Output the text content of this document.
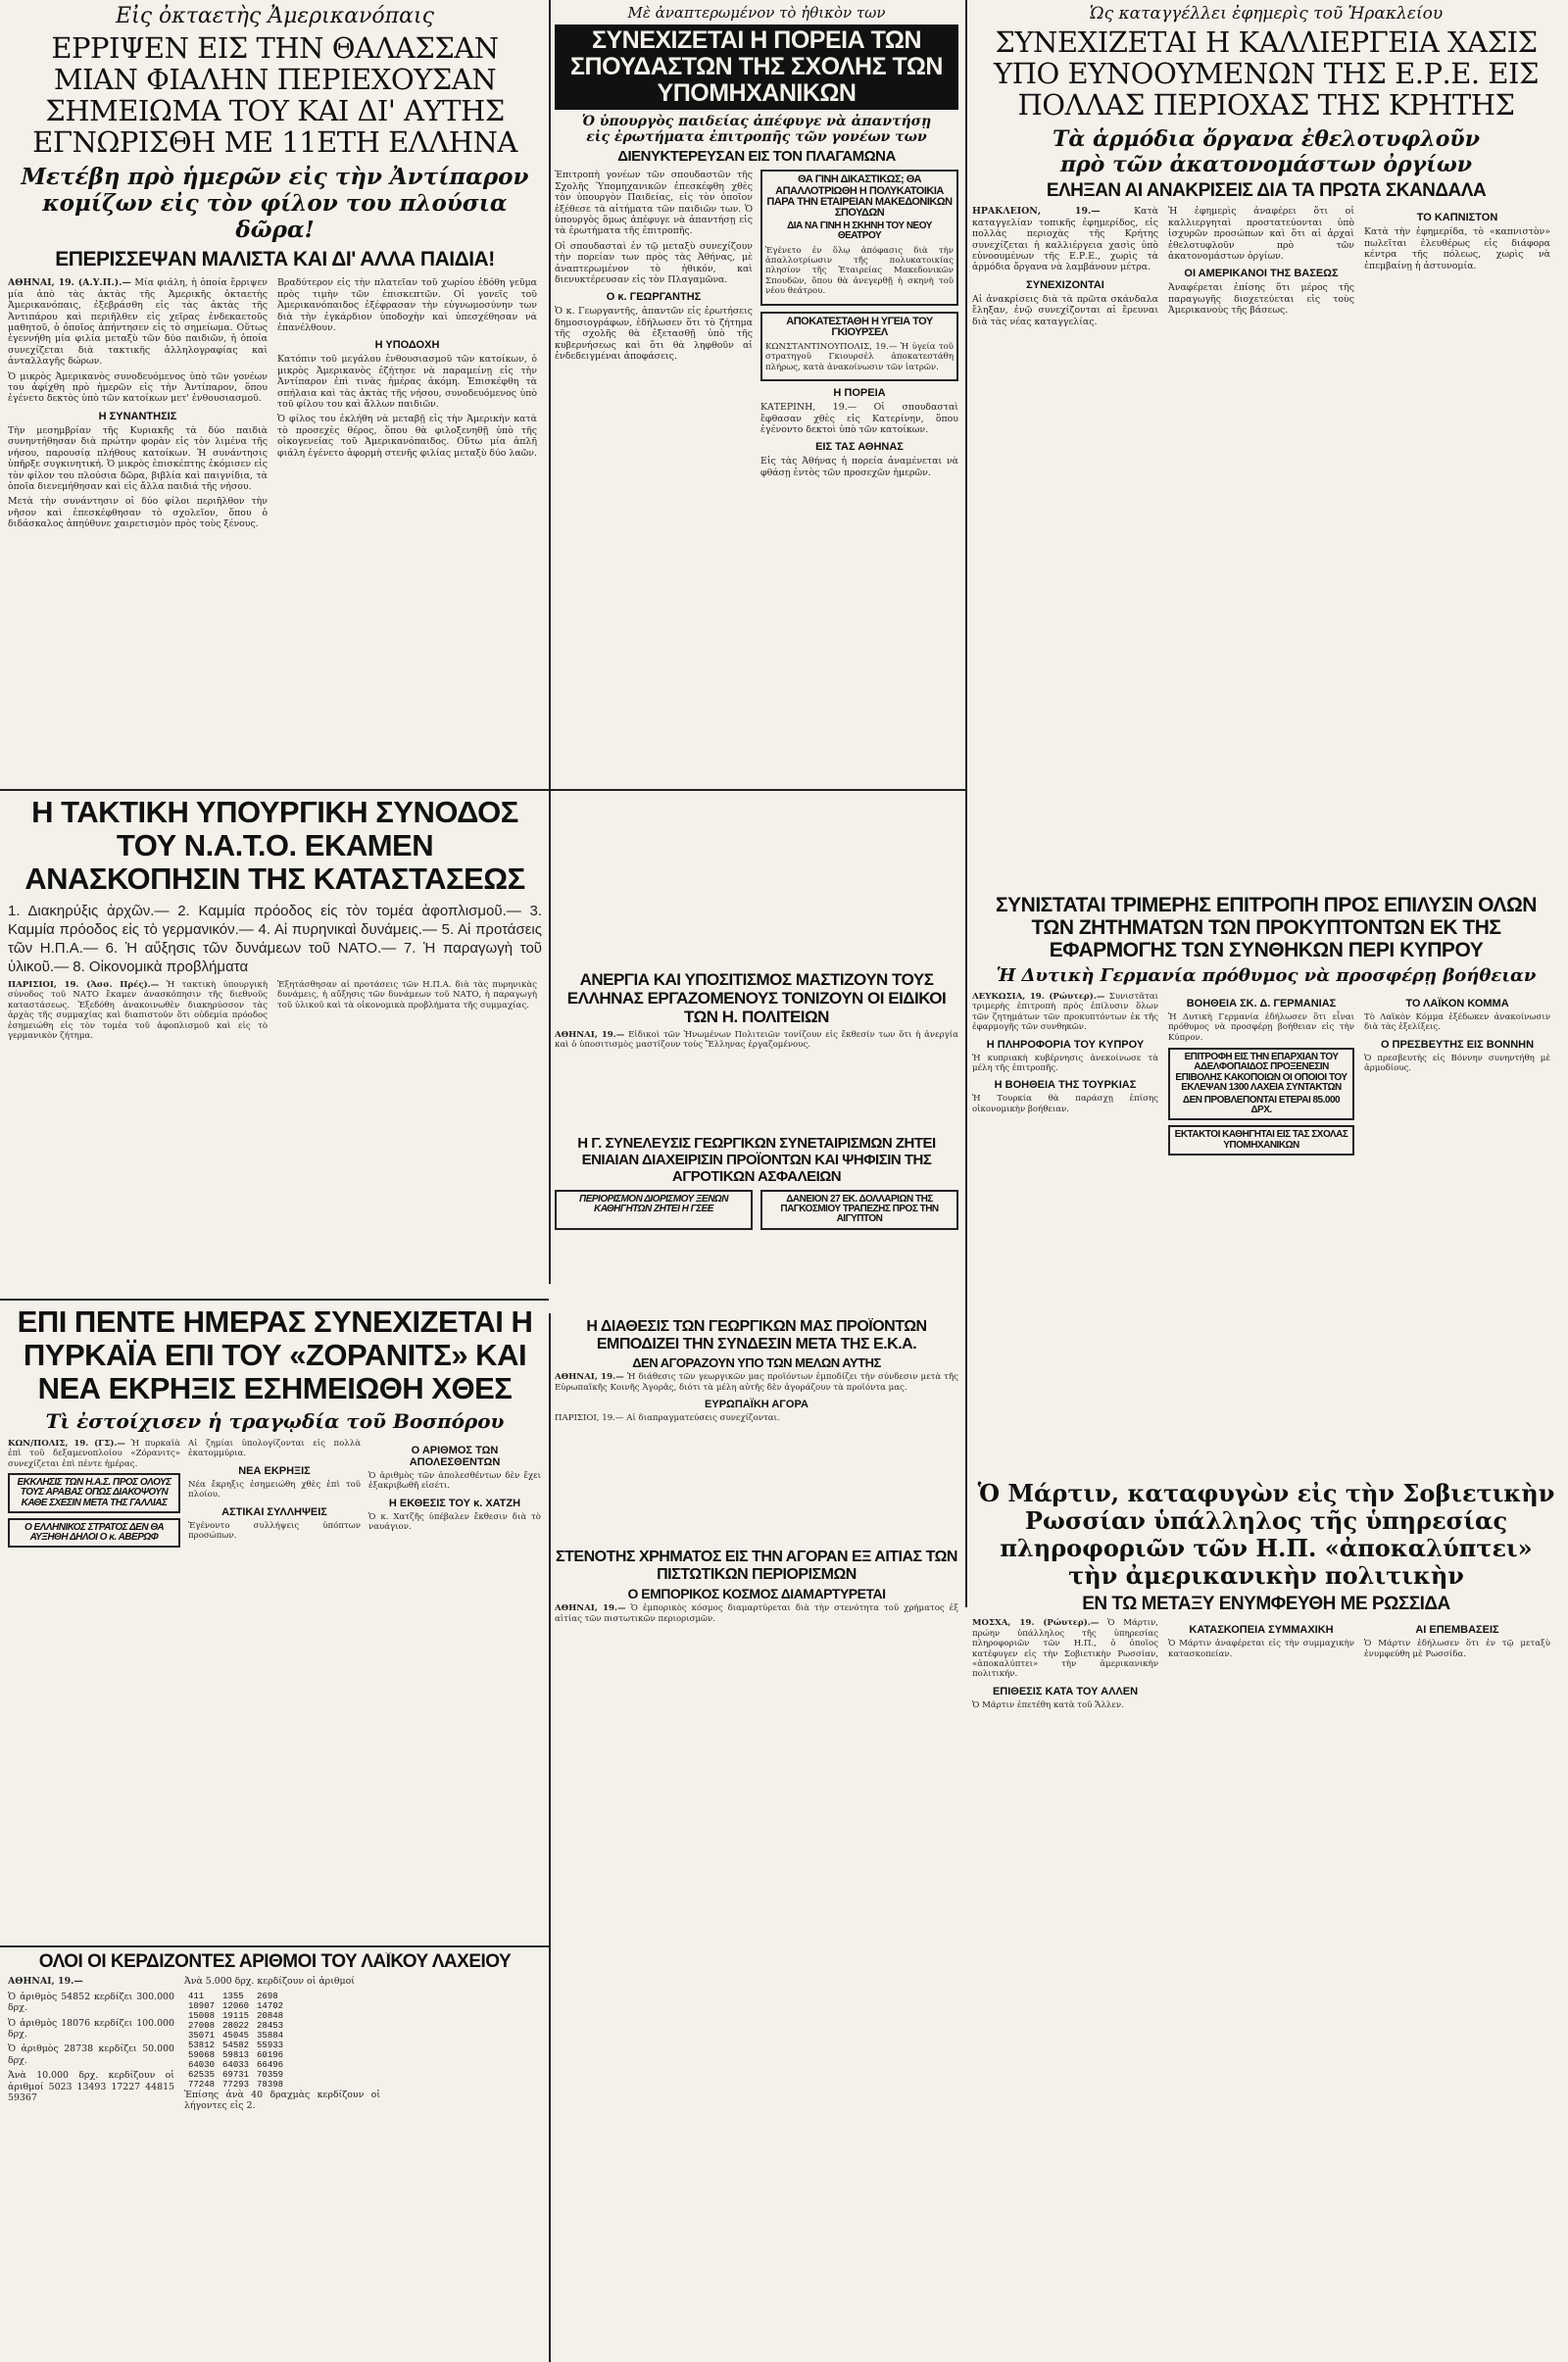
Εἰς ὀκταετὴς Ἀμερικανόπαις
ΕΡΡΙΨΕΝ ΕΙΣ ΤΗΝ ΘΑΛΑΣΣΑΝ ΜΙΑΝ ΦΙΑΛΗΝ ΠΕΡΙΕΧΟΥΣΑΝ ΣΗΜΕΙΩΜΑ ΤΟΥ ΚΑΙ ΔΙ' ΑΥΤΗΣ ΕΓΝΩΡΙΣΘΗ ΜΕ 11ΕΤΗ ΕΛΛΗΝΑ
Μετέβη πρὸ ἡμερῶν εἰς τὴν Ἀντίπαρον
κομίζων εἰς τὸν φίλον του πλούσια δῶρα!
ΕΠΕΡΙΣΣΕΨΑΝ ΜΑΛΙΣΤΑ ΚΑΙ ΔΙ' ΑΛΛΑ ΠΑΙΔΙΑ!

ΑΘΗΝΑΙ, 19. (Α.Υ.Π.).— Μία φιάλη, ἡ ὁποία ἔρριψεν μία ἀπὸ τὰς ἀκτὰς τῆς Ἀμερικῆς ὀκταετὴς Ἀμερικανόπαις, ἐξεβράσθη εἰς τὰς ἀκτὰς τῆς Ἀντιπάρου καὶ περιῆλθεν εἰς χεῖρας ἑνδεκαετοῦς μαθητοῦ, ὁ ὁποῖος ἀπήντησεν εἰς τὸ σημείωμα. Οὕτως ἐγεννήθη μία φιλία μεταξὺ τῶν δύο παιδιῶν, ἡ ὁποία συνεχίζεται διὰ τακτικῆς ἀλληλογραφίας καὶ ἀνταλλαγῆς δώρων.

Ὁ μικρὸς Ἀμερικανὸς συνοδευόμενος ὑπὸ τῶν γονέων του ἀφίχθη πρὸ ἡμερῶν εἰς τὴν Ἀντίπαρον, ὅπου ἐγένετο δεκτὸς ὑπὸ τῶν κατοίκων μετ' ἐνθουσιασμοῦ.

Η ΣΥΝΑΝΤΗΣΙΣ

Τὴν μεσημβρίαν τῆς Κυριακῆς τὰ δύο παιδιὰ συνηντήθησαν διὰ πρώτην φορὰν εἰς τὸν λιμένα τῆς νήσου, παρουσίᾳ πλήθους κατοίκων. Ἡ συνάντησις ὑπῆρξε συγκινητική. Ὁ μικρὸς ἐπισκέπτης ἐκόμισεν εἰς τὸν φίλον του πλούσια δῶρα, βιβλία καὶ παιγνίδια, τὰ ὁποῖα διενεμήθησαν καὶ εἰς ἄλλα παιδιά τῆς νήσου.

Μετὰ τὴν συνάντησιν οἱ δύο φίλοι περιῆλθον τὴν νῆσον καὶ ἐπεσκέφθησαν τὸ σχολεῖον, ὅπου ὁ διδάσκαλος ἀπηύθυνε χαιρετισμὸν πρὸς τοὺς ξένους.

Βραδύτερον εἰς τὴν πλατεῖαν τοῦ χωρίου ἐδόθη γεῦμα πρὸς τιμὴν τῶν ἐπισκεπτῶν. Οἱ γονεῖς τοῦ Ἀμερικανόπαιδος ἐξέφρασαν τὴν εὐγνωμοσύνην των διὰ τὴν ἐγκάρδιον ὑποδοχὴν καὶ ὑπεσχέθησαν νὰ ἐπανέλθουν.

Η ΥΠΟΔΟΧΗ

Κατόπιν τοῦ μεγάλου ἐνθουσιασμοῦ τῶν κατοίκων, ὁ μικρὸς Ἀμερικανὸς ἐζήτησε νὰ παραμείνῃ εἰς τὴν Ἀντίπαρον ἐπὶ τινὰς ἡμέρας ἀκόμη. Ἐπισκέφθη τὰ σπήλαια καὶ τὰς ἀκτὰς τῆς νήσου, συνοδευόμενος ὑπὸ τοῦ φίλου του καὶ ἄλλων παιδιῶν.

Ὁ φίλος του ἐκλήθη νὰ μεταβῇ εἰς τὴν Ἀμερικὴν κατὰ τὸ προσεχὲς θέρος, ὅπου θὰ φιλοξενηθῇ ὑπὸ τῆς οἰκογενείας τοῦ Ἀμερικανόπαιδος. Οὕτω μία ἁπλῆ φιάλη ἐγένετο ἀφορμὴ στενῆς φιλίας μεταξὺ δύο λαῶν.

Μὲ ἀναπτερωμένον τὸ ἠθικὸν των
ΣΥΝΕΧΙΖΕΤΑΙ Η ΠΟΡΕΙΑ ΤΩΝ ΣΠΟΥΔΑΣΤΩΝ ΤΗΣ ΣΧΟΛΗΣ ΤΩΝ ΥΠΟΜΗΧΑΝΙΚΩΝ
Ὁ ὑπουργὸς παιδείας ἀπέφυγε νὰ ἀπαντήσῃ
εἰς ἐρωτήματα ἐπιτροπῆς τῶν γονέων των
ΔΙΕΝΥΚΤΕΡΕΥΣΑΝ ΕΙΣ ΤΟΝ ΠΛΑΓΑΜΩΝΑ

Ἐπιτροπὴ γονέων τῶν σπουδαστῶν τῆς Σχολῆς Ὑπομηχανικῶν ἐπεσκέφθη χθὲς τὸν ὑπουργὸν Παιδείας, εἰς τὸν ὁποῖον ἐξέθεσε τὰ αἰτήματα τῶν παιδιῶν των. Ὁ ὑπουργὸς ὅμως ἀπέφυγε νὰ ἀπαντήσῃ εἰς τὰ ἐρωτήματα τῆς ἐπιτροπῆς.

Οἱ σπουδασταὶ ἐν τῷ μεταξὺ συνεχίζουν τὴν πορείαν των πρὸς τὰς Ἀθήνας, μὲ ἀναπτερωμένον τὸ ἠθικόν, καὶ διενυκτέρευσαν εἰς τὸν Πλαγαμῶνα.

Ο κ. ΓΕΩΡΓΑΝΤΗΣ

Ὁ κ. Γεωργαντῆς, ἀπαντῶν εἰς ἐρωτήσεις δημοσιογράφων, ἐδήλωσεν ὅτι τὸ ζήτημα τῆς σχολῆς θὰ ἐξετασθῇ ὑπὸ τῆς κυβερνήσεως καὶ ὅτι θὰ ληφθοῦν αἱ ἐνδεδειγμέναι ἀποφάσεις.

ΘΑ ΓΙΝΗ ΔΙΚΑΣΤΙΚΩΣ; ΘΑ ΑΠΑΛΛΟΤΡΙΩΘΗ Η ΠΟΛΥΚΑΤΟΙΚΙΑ ΠΑΡΑ ΤΗΝ ΕΤΑΙΡΕΙΑΝ ΜΑΚΕΔΟΝΙΚΩΝ ΣΠΟΥΔΩΝ
ΔΙΑ ΝΑ ΓΙΝΗ Η ΣΚΗΝΗ ΤΟΥ ΝΕΟΥ ΘΕΑΤΡΟΥ

Ἐγένετο ἐν ὅλῳ ἀπόφασις διὰ τὴν ἀπαλλοτρίωσιν τῆς πολυκατοικίας πλησίον τῆς Ἑταιρείας Μακεδονικῶν Σπουδῶν, ὅπου θὰ ἀνεγερθῇ ἡ σκηνὴ τοῦ νέου θεάτρου.

ΑΠΟΚΑΤΕΣΤΑΘΗ Η ΥΓΕΙΑ ΤΟΥ ΓΚΙΟΥΡΣΕΛ

ΚΩΝΣΤΑΝΤΙΝΟΥΠΟΛΙΣ, 19.— Ἡ ὑγεία τοῦ στρατηγοῦ Γκιουρσὲλ ἀποκατεστάθη πλήρως, κατὰ ἀνακοίνωσιν τῶν ἰατρῶν.

Η ΠΟΡΕΙΑ

ΚΑΤΕΡΙΝΗ, 19.— Οἱ σπουδασταὶ ἔφθασαν χθὲς εἰς Κατερίνην, ὅπου ἐγένοντο δεκτοὶ ὑπὸ τῶν κατοίκων.

ΕΙΣ ΤΑΣ ΑΘΗΝΑΣ

Εἰς τὰς Ἀθήνας ἡ πορεία ἀναμένεται νὰ φθάσῃ ἐντὸς τῶν προσεχῶν ἡμερῶν.

Ὡς καταγγέλλει ἐφημερὶς τοῦ Ἡρακλείου
ΣΥΝΕΧΙΖΕΤΑΙ Η ΚΑΛΛΙΕΡΓΕΙΑ ΧΑΣΙΣ ΥΠΟ ΕΥΝΟΟΥΜΕΝΩΝ ΤΗΣ Ε.Ρ.Ε. ΕΙΣ ΠΟΛΛΑΣ ΠΕΡΙΟΧΑΣ ΤΗΣ ΚΡΗΤΗΣ
Τὰ ἁρμόδια ὄργανα ἐθελοτυφλοῦν
πρὸ τῶν ἀκατονομάστων ὀργίων
ΕΛΗΞΑΝ ΑΙ ΑΝΑΚΡΙΣΕΙΣ ΔΙΑ ΤΑ ΠΡΩΤΑ ΣΚΑΝΔΑΛΑ

ΗΡΑΚΛΕΙΟΝ, 19.— Κατὰ καταγγελίαν τοπικῆς ἐφημερίδος, εἰς πολλὰς περιοχὰς τῆς Κρήτης συνεχίζεται ἡ καλλιέργεια χασὶς ὑπὸ εὐνοουμένων τῆς Ε.Ρ.Ε., χωρὶς τὰ ἁρμόδια ὄργανα νὰ λαμβάνουν μέτρα.

ΣΥΝΕΧΙΖΟΝΤΑΙ

Αἱ ἀνακρίσεις διὰ τὰ πρῶτα σκάνδαλα ἔληξαν, ἐνῷ συνεχίζονται αἱ ἔρευναι διὰ τὰς νέας καταγγελίας.

Ἡ ἐφημερὶς ἀναφέρει ὅτι οἱ καλλιεργηταὶ προστατεύονται ὑπὸ ἰσχυρῶν προσώπων καὶ ὅτι αἱ ἀρχαὶ ἐθελοτυφλοῦν πρὸ τῶν ἀκατονομάστων ὀργίων.

ΟΙ ΑΜΕΡΙΚΑΝΟΙ ΤΗΣ ΒΑΣΕΩΣ

Ἀναφέρεται ἐπίσης ὅτι μέρος τῆς παραγωγῆς διοχετεύεται εἰς τοὺς Ἀμερικανοὺς τῆς βάσεως.

ΤΟ ΚΑΠΝΙΣΤΟΝ

Κατὰ τὴν ἐφημερίδα, τὸ «καπνιστὸν» πωλεῖται ἐλευθέρως εἰς διάφορα κέντρα τῆς πόλεως, χωρὶς νὰ ἐπεμβαίνῃ ἡ ἀστυνομία.

Η ΤΑΚΤΙΚΗ ΥΠΟΥΡΓΙΚΗ ΣΥΝΟΔΟΣ ΤΟΥ Ν.Α.Τ.Ο. ΕΚΑΜΕΝ ΑΝΑΣΚΟΠΗΣΙΝ ΤΗΣ ΚΑΤΑΣΤΑΣΕΩΣ

1. Διακηρύξις ἀρχῶν.— 2. Καμμία πρόοδος εἰς τὸν τομέα ἀφοπλισμοῦ.— 3. Καμμία πρόοδος εἰς τὸ γερμανικόν.— 4. Αἱ πυρηνικαὶ δυνάμεις.— 5. Αἱ προτάσεις τῶν Η.Π.Α.— 6. Ἡ αὔξησις τῶν δυνάμεων τοῦ ΝΑΤΟ.— 7. Ἡ παραγωγὴ τοῦ ὑλικοῦ.— 8. Οἰκονομικὰ προβλήματα

ΠΑΡΙΣΙΟΙ, 19. (Ἀσσ. Πρές).— Ἡ τακτικὴ ὑπουργικὴ σύνοδος τοῦ ΝΑΤΟ ἔκαμεν ἀνασκόπησιν τῆς διεθνοῦς καταστάσεως. Ἐξεδόθη ἀνακοινωθὲν διακηρύσσον τὰς ἀρχὰς τῆς συμμαχίας καὶ διαπιστοῦν ὅτι οὐδεμία πρόοδος ἐσημειώθη εἰς τὸν τομέα τοῦ ἀφοπλισμοῦ καὶ εἰς τὸ γερμανικὸν ζήτημα.

Ἐξητάσθησαν αἱ προτάσεις τῶν Η.Π.Α. διὰ τὰς πυρηνικὰς δυνάμεις, ἡ αὔξησις τῶν δυνάμεων τοῦ ΝΑΤΟ, ἡ παραγωγὴ τοῦ ὑλικοῦ καὶ τὰ οἰκονομικὰ προβλήματα τῆς συμμαχίας.

ΑΝΕΡΓΙΑ ΚΑΙ ΥΠΟΣΙΤΙΣΜΟΣ ΜΑΣΤΙΖΟΥΝ ΤΟΥΣ ΕΛΛΗΝΑΣ ΕΡΓΑΖΟΜΕΝΟΥΣ ΤΟΝΙΖΟΥΝ ΟΙ ΕΙΔΙΚΟΙ ΤΩΝ Η. ΠΟΛΙΤΕΙΩΝ

ΑΘΗΝΑΙ, 19.— Εἰδικοὶ τῶν Ἡνωμένων Πολιτειῶν τονίζουν εἰς ἔκθεσίν των ὅτι ἡ ἀνεργία καὶ ὁ ὑποσιτισμὸς μαστίζουν τοὺς Ἕλληνας ἐργαζομένους.

Η Γ. ΣΥΝΕΛΕΥΣΙΣ ΓΕΩΡΓΙΚΩΝ ΣΥΝΕΤΑΙΡΙΣΜΩΝ ΖΗΤΕΙ ΕΝΙΑΙΑΝ ΔΙΑΧΕΙΡΙΣΙΝ ΠΡΟΪΟΝΤΩΝ ΚΑΙ ΨΗΦΙΣΙΝ ΤΗΣ ΑΓΡΟΤΙΚΩΝ ΑΣΦΑΛΕΙΩΝ
ΠΕΡΙΟΡΙΣΜΟΝ ΔΙΟΡΙΣΜΟΥ ΞΕΝΩΝ ΚΑΘΗΓΗΤΩΝ ΖΗΤΕΙ Η ΓΣΕΕ
ΔΑΝΕΙΟΝ 27 ΕΚ. ΔΟΛΛΑΡΙΩΝ ΤΗΣ ΠΑΓΚΟΣΜΙΟΥ ΤΡΑΠΕΖΗΣ ΠΡΟΣ ΤΗΝ ΑΙΓΥΠΤΟΝ
ΣΥΝΙΣΤΑΤΑΙ ΤΡΙΜΕΡΗΣ ΕΠΙΤΡΟΠΗ ΠΡΟΣ ΕΠΙΛΥΣΙΝ ΟΛΩΝ ΤΩΝ ΖΗΤΗΜΑΤΩΝ ΤΩΝ ΠΡΟΚΥΠΤΟΝΤΩΝ ΕΚ ΤΗΣ ΕΦΑΡΜΟΓΗΣ ΤΩΝ ΣΥΝΘΗΚΩΝ ΠΕΡΙ ΚΥΠΡΟΥ
Ἡ Δυτικὴ Γερμανία πρόθυμος νὰ προσφέρῃ βοήθειαν

ΛΕΥΚΩΣΙΑ, 19. (Ρώυτερ).— Συνιστᾶται τριμερὴς ἐπιτροπὴ πρὸς ἐπίλυσιν ὅλων τῶν ζητημάτων τῶν προκυπτόντων ἐκ τῆς ἐφαρμογῆς τῶν συνθηκῶν.

Η ΠΛΗΡΟΦΟΡΙΑ ΤΟΥ ΚΥΠΡΟΥ

Ἡ κυπριακὴ κυβέρνησις ἀνεκοίνωσε τὰ μέλη τῆς ἐπιτροπῆς.

Η ΒΟΗΘΕΙΑ ΤΗΣ ΤΟΥΡΚΙΑΣ

Ἡ Τουρκία θὰ παράσχῃ ἐπίσης οἰκονομικὴν βοήθειαν.

ΒΟΗΘΕΙΑ ΣΚ. Δ. ΓΕΡΜΑΝΙΑΣ

Ἡ Δυτικὴ Γερμανία ἐδήλωσεν ὅτι εἶναι πρόθυμος νὰ προσφέρῃ βοήθειαν εἰς τὴν Κύπρον.

ΕΠΙΤΡΟΦΗ ΕΙΣ ΤΗΝ ΕΠΑΡΧΙΑΝ ΤΟΥ ΑΔΕΛΦΟΠΑΙΔΟΣ ΠΡΟΞΕΝΕΣΙΝ ΕΠΙΒΟΛΗΣ ΚΑΚΟΠΟΙΩΝ ΟΙ ΟΠΟΙΟΙ ΤΟΥ ΕΚΛΕΨΑΝ 1300 ΛΑΧΕΙΑ ΣΥΝΤΑΚΤΩΝ
ΔΕΝ ΠΡΟΒΛΕΠΟΝΤΑΙ ΕΤΕΡΑΙ 85.000 ΔΡΧ.
ΕΚΤΑΚΤΟΙ ΚΑΘΗΓΗΤΑΙ ΕΙΣ ΤΑΣ ΣΧΟΛΑΣ ΥΠΟΜΗΧΑΝΙΚΩΝ
ΤΟ ΛΑΪΚΟΝ ΚΟΜΜΑ

Τὸ Λαϊκὸν Κόμμα ἐξέδωκεν ἀνακοίνωσιν διὰ τὰς ἐξελίξεις.

Ο ΠΡΕΣΒΕΥΤΗΣ ΕΙΣ ΒΟΝΝΗΝ

Ὁ πρεσβευτὴς εἰς Βόννην συνηντήθη μὲ ἁρμοδίους.

ΕΠΙ ΠΕΝΤΕ ΗΜΕΡΑΣ ΣΥΝΕΧΙΖΕΤΑΙ Η ΠΥΡΚΑΪΑ ΕΠΙ ΤΟΥ «ΖΟΡΑΝΙΤΣ» ΚΑΙ ΝΕΑ ΕΚΡΗΞΙΣ ΕΣΗΜΕΙΩΘΗ ΧΘΕΣ
Τὶ ἐστοίχισεν ἡ τραγῳδία τοῦ Βοσπόρου

ΚΩΝ/ΠΟΛΙΣ, 19. (ΓΣ).— Ἡ πυρκαϊὰ ἐπὶ τοῦ δεξαμενοπλοίου «Ζόρανιτς» συνεχίζεται ἐπὶ πέντε ἡμέρας.

ΕΚΚΛΗΣΙΣ ΤΩΝ Η.Α.Σ. ΠΡΟΣ ΟΛΟΥΣ ΤΟΥΣ ΑΡΑΒΑΣ ΟΠΩΣ ΔΙΑΚΟΨΟΥΝ ΚΑΘΕ ΣΧΕΣΙΝ ΜΕΤΑ ΤΗΣ ΓΑΛΛΙΑΣ
Ο ΕΛΛΗΝΙΚΟΣ ΣΤΡΑΤΟΣ ΔΕΝ ΘΑ ΑΥΞΗΘΗ ΔΗΛΟΙ Ο κ. ΑΒΕΡΩΦ

Αἱ ζημίαι ὑπολογίζονται εἰς πολλὰ ἑκατομμύρια.

ΝΕΑ ΕΚΡΗΞΙΣ

Νέα ἔκρηξις ἐσημειώθη χθὲς ἐπὶ τοῦ πλοίου.

ΑΣΤΙΚΑΙ ΣΥΛΛΗΨΕΙΣ

Ἐγένοντο συλλήψεις ὑπόπτων προσώπων.

Ο ΑΡΙΘΜΟΣ ΤΩΝ ΑΠΟΛΕΣΘΕΝΤΩΝ

Ὁ ἀριθμὸς τῶν ἀπολεσθέντων δὲν ἔχει ἐξακριβωθῆ εἰσέτι.

Η ΕΚΘΕΣΙΣ ΤΟΥ κ. ΧΑΤΖΗ

Ὁ κ. Χατζῆς ὑπέβαλεν ἔκθεσιν διὰ τὸ ναυάγιον.

Η ΔΙΑΘΕΣΙΣ ΤΩΝ ΓΕΩΡΓΙΚΩΝ ΜΑΣ ΠΡΟΪΟΝΤΩΝ ΕΜΠΟΔΙΖΕΙ ΤΗΝ ΣΥΝΔΕΣΙΝ ΜΕΤΑ ΤΗΣ Ε.Κ.Α.
ΔΕΝ ΑΓΟΡΑΖΟΥΝ ΥΠΟ ΤΩΝ ΜΕΛΩΝ ΑΥΤΗΣ

ΑΘΗΝΑΙ, 19.— Ἡ διάθεσις τῶν γεωργικῶν μας προϊόντων ἐμποδίζει τὴν σύνδεσιν μετὰ τῆς Εὐρωπαϊκῆς Κοινῆς Ἀγορᾶς, διότι τὰ μέλη αὐτῆς δὲν ἀγοράζουν τὰ προϊόντα μας.

ΕΥΡΩΠΑΪΚΗ ΑΓΟΡΑ

ΠΑΡΙΣΙΟΙ, 19.— Αἱ διαπραγματεύσεις συνεχίζονται.

ΣΤΕΝΟΤΗΣ ΧΡΗΜΑΤΟΣ ΕΙΣ ΤΗΝ ΑΓΟΡΑΝ ΕΞ ΑΙΤΙΑΣ ΤΩΝ ΠΙΣΤΩΤΙΚΩΝ ΠΕΡΙΟΡΙΣΜΩΝ
Ο ΕΜΠΟΡΙΚΟΣ ΚΟΣΜΟΣ ΔΙΑΜΑΡΤΥΡΕΤΑΙ

ΑΘΗΝΑΙ, 19.— Ὁ ἐμπορικὸς κόσμος διαμαρτύρεται διὰ τὴν στενότητα τοῦ χρήματος ἐξ αἰτίας τῶν πιστωτικῶν περιορισμῶν.

Ὁ Μάρτιν, καταφυγὼν εἰς τὴν Σοβιετικὴν Ρωσσίαν ὑπάλληλος τῆς ὑπηρεσίας πληροφοριῶν τῶν Η.Π. «ἀποκαλύπτει» τὴν ἀμερικανικὴν πολιτικὴν
ΕΝ ΤΩ ΜΕΤΑΞΥ ΕΝΥΜΦΕΥΘΗ ΜΕ ΡΩΣΣΙΔΑ

ΜΟΣΧΑ, 19. (Ρώυτερ).— Ὁ Μάρτιν, πρώην ὑπάλληλος τῆς ὑπηρεσίας πληροφοριῶν τῶν Η.Π., ὁ ὁποῖος κατέφυγεν εἰς τὴν Σοβιετικὴν Ρωσσίαν, «ἀποκαλύπτει» τὴν ἀμερικανικὴν πολιτικήν.

ΕΠΙΘΕΣΙΣ ΚΑΤΑ ΤΟΥ ΑΛΛΕΝ

Ὁ Μάρτιν ἐπετέθη κατὰ τοῦ Ἄλλεν.

ΚΑΤΑΣΚΟΠΕΙΑ ΣΥΜΜΑΧΙΚΗ

Ὁ Μάρτιν ἀναφέρεται εἰς τὴν συμμαχικὴν κατασκοπείαν.

ΑΙ ΕΠΕΜΒΑΣΕΙΣ

Ὁ Μάρτιν ἐδήλωσεν ὅτι ἐν τῷ μεταξὺ ἐνυμφεύθη μὲ Ρωσσίδα.

ΟΛΟΙ ΟΙ ΚΕΡΔΙΖΟΝΤΕΣ ΑΡΙΘΜΟΙ ΤΟΥ ΛΑΪΚΟΥ ΛΑΧΕΙΟΥ

ΑΘΗΝΑΙ, 19.—

Ὁ ἀριθμὸς 54852 κερδίζει 300.000 δρχ.

Ὁ ἀριθμὸς 18076 κερδίζει 100.000 δρχ.

Ὁ ἀριθμὸς 28738 κερδίζει 50.000 δρχ.

Ἀνὰ 10.000 δρχ. κερδίζουν οἱ ἀριθμοί 5023 13493 17227 44815 59367

Ἀνὰ 5.000 δρχ. κερδίζουν οἱ ἀριθμοί

411	1355	2698
10907	12060	14702
15008	19115	20848
27008	28022	28453
35071	45045	35884
53812	54582	55933
59068	59813	60196
64030	64033	66496
62535	69731	70359
77248	77293	78398

Ἐπίσης ἀνὰ 40 δραχμὰς κερδίζουν οἱ λήγοντες εἰς 2.
